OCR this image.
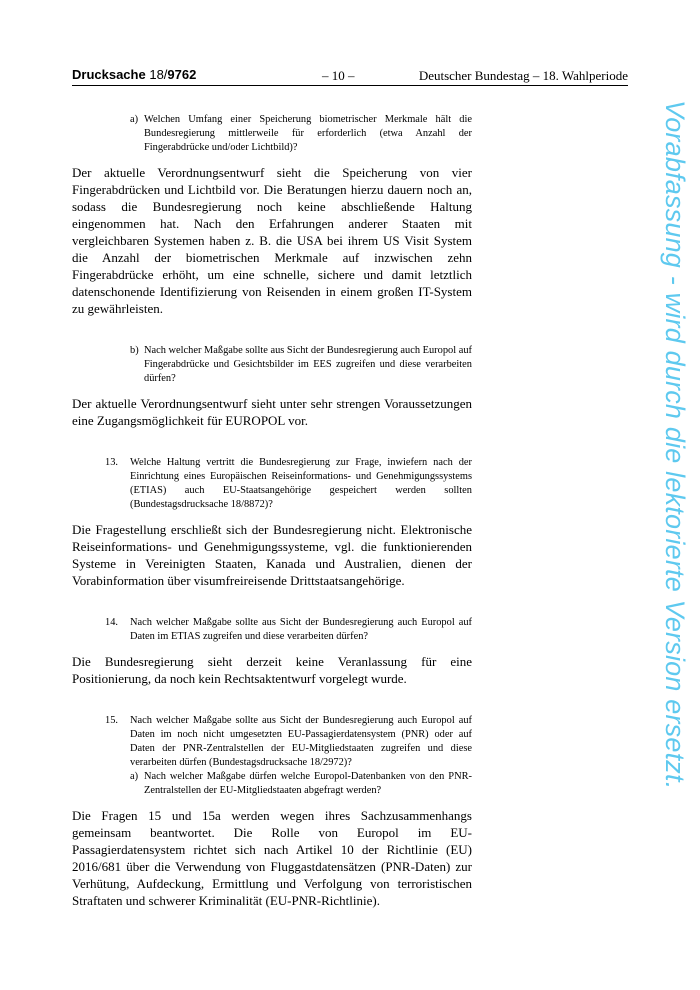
Drucksache 18/9762	– 10 –	Deutscher Bundestag – 18. Wahlperiode
a) Welchen Umfang einer Speicherung biometrischer Merkmale hält die Bundesregierung mittlerweile für erforderlich (etwa Anzahl der Fingerabdrücke und/oder Lichtbild)?
Der aktuelle Verordnungsentwurf sieht die Speicherung von vier Fingerabdrücken und Lichtbild vor. Die Beratungen hierzu dauern noch an, sodass die Bundesregierung noch keine abschließende Haltung eingenommen hat. Nach den Erfahrungen anderer Staaten mit vergleichbaren Systemen haben z. B. die USA bei ihrem US Visit System die Anzahl der biometrischen Merkmale auf inzwischen zehn Fingerabdrücke erhöht, um eine schnelle, sichere und damit letztlich datenschonende Identifizierung von Reisenden in einem großen IT-System zu gewährleisten.
b) Nach welcher Maßgabe sollte aus Sicht der Bundesregierung auch Europol auf Fingerabdrücke und Gesichtsbilder im EES zugreifen und diese verarbeiten dürfen?
Der aktuelle Verordnungsentwurf sieht unter sehr strengen Voraussetzungen eine Zugangsmöglichkeit für EUROPOL vor.
13.	Welche Haltung vertritt die Bundesregierung zur Frage, inwiefern nach der Einrichtung eines Europäischen Reiseinformations- und Genehmigungssystems (ETIAS) auch EU-Staatsangehörige gespeichert werden sollten (Bundestagsdrucksache 18/8872)?
Die Fragestellung erschließt sich der Bundesregierung nicht. Elektronische Reiseinformations- und Genehmigungssysteme, vgl. die funktionierenden Systeme in Vereinigten Staaten, Kanada und Australien, dienen der Vorabinformation über visumfreireisende Drittstaatsangehörige.
14.	Nach welcher Maßgabe sollte aus Sicht der Bundesregierung auch Europol auf Daten im ETIAS zugreifen und diese verarbeiten dürfen?
Die Bundesregierung sieht derzeit keine Veranlassung für eine Positionierung, da noch kein Rechtsaktentwurf vorgelegt wurde.
15.	Nach welcher Maßgabe sollte aus Sicht der Bundesregierung auch Europol auf Daten im noch nicht umgesetzten EU-Passagierdatensystem (PNR) oder auf Daten der PNR-Zentralstellen der EU-Mitgliedstaaten zugreifen und diese verarbeiten dürfen (Bundestagsdrucksache 18/2972)?
a) Nach welcher Maßgabe dürfen welche Europol-Datenbanken von den PNR-Zentralstellen der EU-Mitgliedstaaten abgefragt werden?
Die Fragen 15 und 15a werden wegen ihres Sachzusammenhangs gemeinsam beantwortet. Die Rolle von Europol im EU-Passagierdatensystem richtet sich nach Artikel 10 der Richtlinie (EU) 2016/681 über die Verwendung von Fluggastdatensätzen (PNR-Daten) zur Verhütung, Aufdeckung, Ermittlung und Verfolgung von terroristischen Straftaten und schwerer Kriminalität (EU-PNR-Richtlinie).
Vorabfassung - wird durch die lektorierte Version ersetzt.
